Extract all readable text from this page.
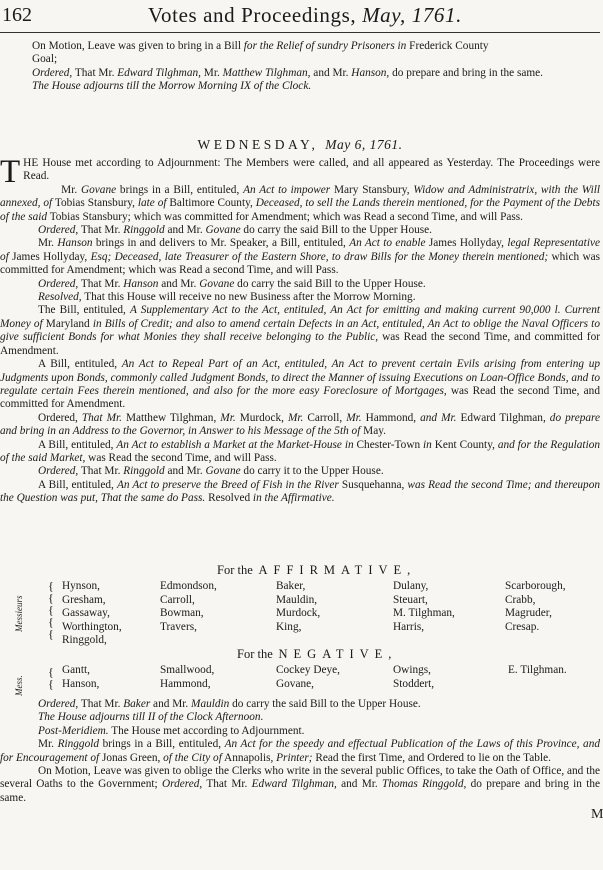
162	Votes and Proceedings, May, 1761.

On Motion, Leave was given to bring in a Bill for the Relief of sundry Prisoners in Frederick County

Goal;

Ordered, That Mr. Edward Tilghman, Mr. Matthew Tilghman, and Mr. Hanson, do prepare and bring in the same.

The House adjourns till the Morrow Morning IX of the Clock.

WEDNESDAY, May 6, 1761.

THE House met according to Adjournment: The Members were called, and all appeared as Yesterday. The Proceedings were Read.

Mr. Govane brings in a Bill, entituled, An Act to impower Mary Stansbury, Widow and Administratrix, with the Will annexed, of Tobias Stansbury, late of Baltimore County, Deceased, to sell the Lands therein mentioned, for the Payment of the Debts of the said Tobias Stansbury; which was committed for Amendment; which was Read a second Time, and will Pass.

Ordered, That Mr. Ringgold and Mr. Govane do carry the said Bill to the Upper House.

Mr. Hanson brings in and delivers to Mr. Speaker, a Bill, entituled, An Act to enable James Hollyday, legal Representative of James Hollyday, Esq; Deceased, late Treasurer of the Eastern Shore, to draw Bills for the Money therein mentioned; which was committed for Amendment; which was Read a second Time, and will Pass.

Ordered, That Mr. Hanson and Mr. Govane do carry the said Bill to the Upper House.

Resolved, That this House will receive no new Business after the Morrow Morning.

The Bill, entituled, A Supplementary Act to the Act, entituled, An Act for emitting and making current 90,000 l. Current Money of Maryland in Bills of Credit; and also to amend certain Defects in an Act, entituled, An Act to oblige the Naval Officers to give sufficient Bonds for what Monies they shall receive belonging to the Public, was Read the second Time, and committed for Amendment.

A Bill, entituled, An Act to Repeal Part of an Act, entituled, An Act to prevent certain Evils arising from entering up Judgments upon Bonds, commonly called Judgment Bonds, to direct the Manner of issuing Executions on Loan-Office Bonds, and to regulate certain Fees therein mentioned, and also for the more easy Foreclosure of Mortgages, was Read the second Time, and committed for Amendment.

Ordered, That Mr. Matthew Tilghman, Mr. Murdock, Mr. Carroll, Mr. Hammond, and Mr. Edward Tilghman, do prepare and bring in an Address to the Governor, in Answer to his Message of the 5th of May.

A Bill, entituled, An Act to establish a Market at the Market-House in Chester-Town in Kent County, and for the Regulation of the said Market, was Read the second Time, and will Pass.

Ordered, That Mr. Ringgold and Mr. Govane do carry it to the Upper House.

A Bill, entituled, An Act to preserve the Breed of Fish in the River Susquehanna, was Read the second Time; and thereupon the Question was put, That the same do Pass. Resolved in the Affirmative.

For the AFFIRMATIVE,
Messieurs
{
{
{
{
{
Hynson,
Gresham,
Gassaway,
Worthington,
Ringgold,
Edmondson,
Carroll,
Bowman,
Travers,
Baker,
Mauldin,
Murdock,
King,
Dulany,
Steuart,
M. Tilghman,
Harris,
Scarborough,
Crabb,
Magruder,
Cresap.
For the NEGATIVE,
Mess.
{
{
Gantt,
Hanson,
Smallwood,
Hammond,
Cockey Deye,
Govane,
Owings,
Stoddert,
E. Tilghman.

Ordered, That Mr. Baker and Mr. Mauldin do carry the said Bill to the Upper House.

The House adjourns till II of the Clock Afternoon.

Post-Meridiem. The House met according to Adjournment.

Mr. Ringgold brings in a Bill, entituled, An Act for the speedy and effectual Publication of the Laws of this Province, and for Encouragement of Jonas Green, of the City of Annapolis, Printer; Read the first Time, and Ordered to lie on the Table.

On Motion, Leave was given to oblige the Clerks who write in the several public Offices, to take the Oath of Office, and the several Oaths to the Government; Ordered, That Mr. Edward Tilghman, and Mr. Thomas Ringgold, do prepare and bring in the same.

M
